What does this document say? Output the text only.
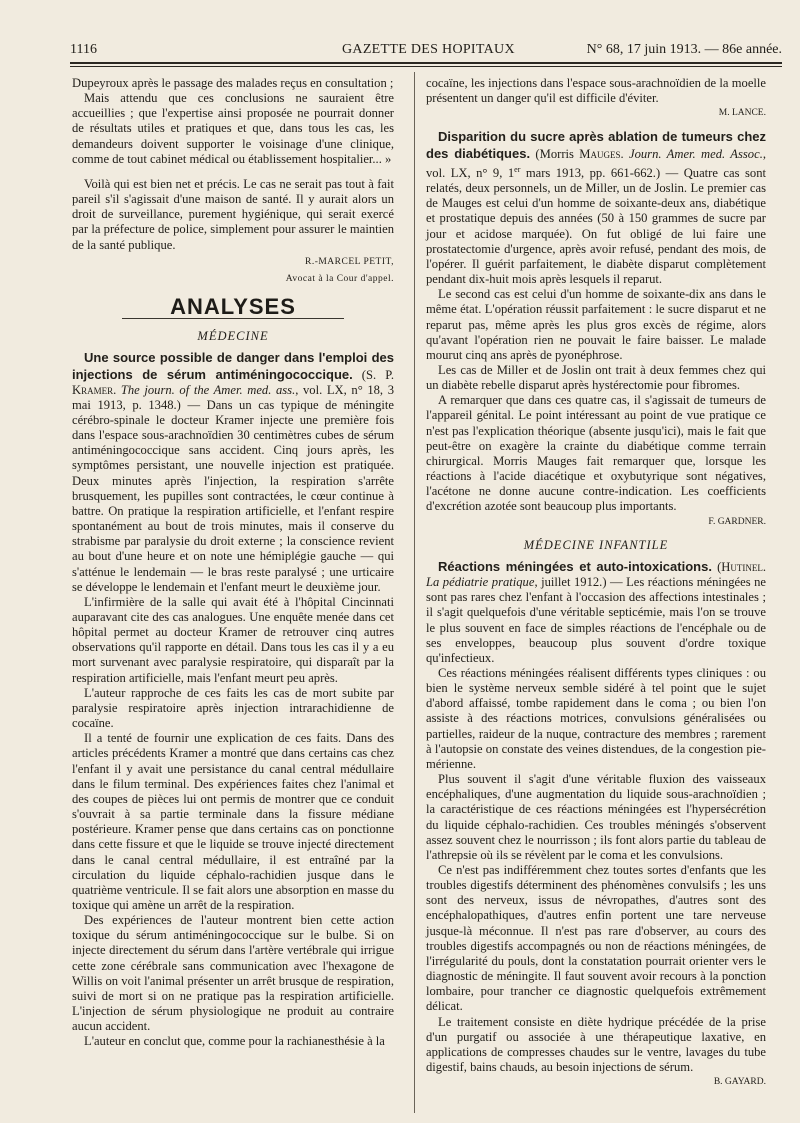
1116	GAZETTE DES HOPITAUX	N° 68, 17 juin 1913. — 86e année.

Dupeyroux après le passage des malades reçus en consultation ;

Mais attendu que ces conclusions ne sauraient être accueillies ; que l'expertise ainsi proposée ne pourrait donner de résultats utiles et pratiques et que, dans tous les cas, les demandeurs doivent supporter le voisinage d'une clinique, comme de tout cabinet médical ou établissement hospitalier... »

Voilà qui est bien net et précis. Le cas ne serait pas tout à fait pareil s'il s'agissait d'une maison de santé. Il y aurait alors un droit de surveillance, purement hygiénique, qui serait exercé par la préfecture de police, simplement pour assurer le maintien de la santé publique.

R.-MARCEL PETIT,
Avocat à la Cour d'appel.
ANALYSES
MÉDECINE

Une source possible de danger dans l'emploi des injections de sérum antiméningococcique. (S. P. Kramer. The journ. of the Amer. med. ass., vol. LX, n° 18, 3 mai 1913, p. 1348.) — Dans un cas typique de méningite cérébro-spinale le docteur Kramer injecte une première fois dans l'espace sous-arachnoïdien 30 centimètres cubes de sérum antiméningococcique sans accident. Cinq jours après, les symptômes persistant, une nouvelle injection est pratiquée. Deux minutes après l'injection, la respiration s'arrête brusquement, les pupilles sont contractées, le cœur continue à battre. On pratique la respiration artificielle, et l'enfant respire spontanément au bout de trois minutes, mais il conserve du strabisme par paralysie du droit externe ; la conscience revient au bout d'une heure et on note une hémiplégie gauche — qui s'atténue le lendemain — le bras reste paralysé ; une urticaire se développe le lendemain et l'enfant meurt le deuxième jour.

L'infirmière de la salle qui avait été à l'hôpital Cincinnati auparavant cite des cas analogues. Une enquête menée dans cet hôpital permet au docteur Kramer de retrouver cinq autres observations qu'il rapporte en détail. Dans tous les cas il y a eu mort survenant avec paralysie respiratoire, qui disparaît par la respiration artificielle, mais l'enfant meurt peu après.

L'auteur rapproche de ces faits les cas de mort subite par paralysie respiratoire après injection intrarachidienne de cocaïne.

Il a tenté de fournir une explication de ces faits. Dans des articles précédents Kramer a montré que dans certains cas chez l'enfant il y avait une persistance du canal central médullaire dans le filum terminal. Des expériences faites chez l'animal et des coupes de pièces lui ont permis de montrer que ce conduit s'ouvrait à sa partie terminale dans la fissure médiane postérieure. Kramer pense que dans certains cas on ponctionne dans cette fissure et que le liquide se trouve injecté directement dans le canal central médullaire, il est entraîné par la circulation du liquide céphalo-rachidien jusque dans le quatrième ventricule. Il se fait alors une absorption en masse du toxique qui amène un arrêt de la respiration.

Des expériences de l'auteur montrent bien cette action toxique du sérum antiméningococcique sur le bulbe. Si on injecte directement du sérum dans l'artère vertébrale qui irrigue cette zone cérébrale sans communication avec l'hexagone de Willis on voit l'animal présenter un arrêt brusque de respiration, suivi de mort si on ne pratique pas la respiration artificielle. L'injection de sérum physiologique ne produit au contraire aucun accident.

L'auteur en conclut que, comme pour la rachianesthésie à la

cocaïne, les injections dans l'espace sous-arachnoïdien de la moelle présentent un danger qu'il est difficile d'éviter.

M. LANCE.

Disparition du sucre après ablation de tumeurs chez des diabétiques. (Morris Mauges. Journ. Amer. med. Assoc., vol. LX, n° 9, 1er mars 1913, pp. 661-662.) — Quatre cas sont relatés, deux personnels, un de Miller, un de Joslin. Le premier cas de Mauges est celui d'un homme de soixante-deux ans, diabétique et prostatique depuis des années (50 à 150 grammes de sucre par jour et acidose marquée). On fut obligé de lui faire une prostatectomie d'urgence, après avoir refusé, pendant des mois, de l'opérer. Il guérit parfaitement, le diabète disparut complètement pendant dix-huit mois après lesquels il reparut.

Le second cas est celui d'un homme de soixante-dix ans dans le même état. L'opération réussit parfaitement : le sucre disparut et ne reparut pas, même après les plus gros excès de régime, alors qu'avant l'opération rien ne pouvait le faire baisser. Le malade mourut cinq ans après de pyonéphrose.

Les cas de Miller et de Joslin ont trait à deux femmes chez qui un diabète rebelle disparut après hystérectomie pour fibromes.

A remarquer que dans ces quatre cas, il s'agissait de tumeurs de l'appareil génital. Le point intéressant au point de vue pratique ce n'est pas l'explication théorique (absente jusqu'ici), mais le fait que peut-être on exagère la crainte du diabétique comme terrain chirurgical. Morris Mauges fait remarquer que, lorsque les réactions à l'acide diacétique et oxybutyrique sont négatives, l'acétone ne donne aucune contre-indication. Les coefficients d'excrétion azotée sont beaucoup plus importants.

F. GARDNER.
MÉDECINE INFANTILE

Réactions méningées et auto-intoxications. (Hutinel. La pédiatrie pratique, juillet 1912.) — Les réactions méningées ne sont pas rares chez l'enfant à l'occasion des affections intestinales ; il s'agit quelquefois d'une véritable septicémie, mais l'on se trouve le plus souvent en face de simples réactions de l'encéphale ou de ses enveloppes, beaucoup plus souvent d'ordre toxique qu'infectieux.

Ces réactions méningées réalisent différents types cliniques : ou bien le système nerveux semble sidéré à tel point que le sujet d'abord affaissé, tombe rapidement dans le coma ; ou bien l'on assiste à des réactions motrices, convulsions généralisées ou partielles, raideur de la nuque, contracture des membres ; rarement à l'autopsie on constate des veines distendues, de la congestion pie-mérienne.

Plus souvent il s'agit d'une véritable fluxion des vaisseaux encéphaliques, d'une augmentation du liquide sous-arachnoïdien ; la caractéristique de ces réactions méningées est l'hypersécrétion du liquide céphalo-rachidien. Ces troubles méningés s'observent assez souvent chez le nourrisson ; ils font alors partie du tableau de l'athrepsie où ils se révèlent par le coma et les convulsions.

Ce n'est pas indifféremment chez toutes sortes d'enfants que les troubles digestifs déterminent des phénomènes convulsifs ; les uns sont des nerveux, issus de névropathes, d'autres sont des encéphalopathiques, d'autres enfin portent une tare nerveuse jusque-là méconnue. Il n'est pas rare d'observer, au cours des troubles digestifs accompagnés ou non de réactions méningées, de l'irrégularité du pouls, dont la constatation pourrait orienter vers le diagnostic de méningite. Il faut souvent avoir recours à la ponction lombaire, pour trancher ce diagnostic quelquefois extrêmement délicat.

Le traitement consiste en diète hydrique précédée de la prise d'un purgatif ou associée à une thérapeutique laxative, en applications de compresses chaudes sur le ventre, lavages du tube digestif, bains chauds, au besoin injections de sérum.

B. GAYARD.
